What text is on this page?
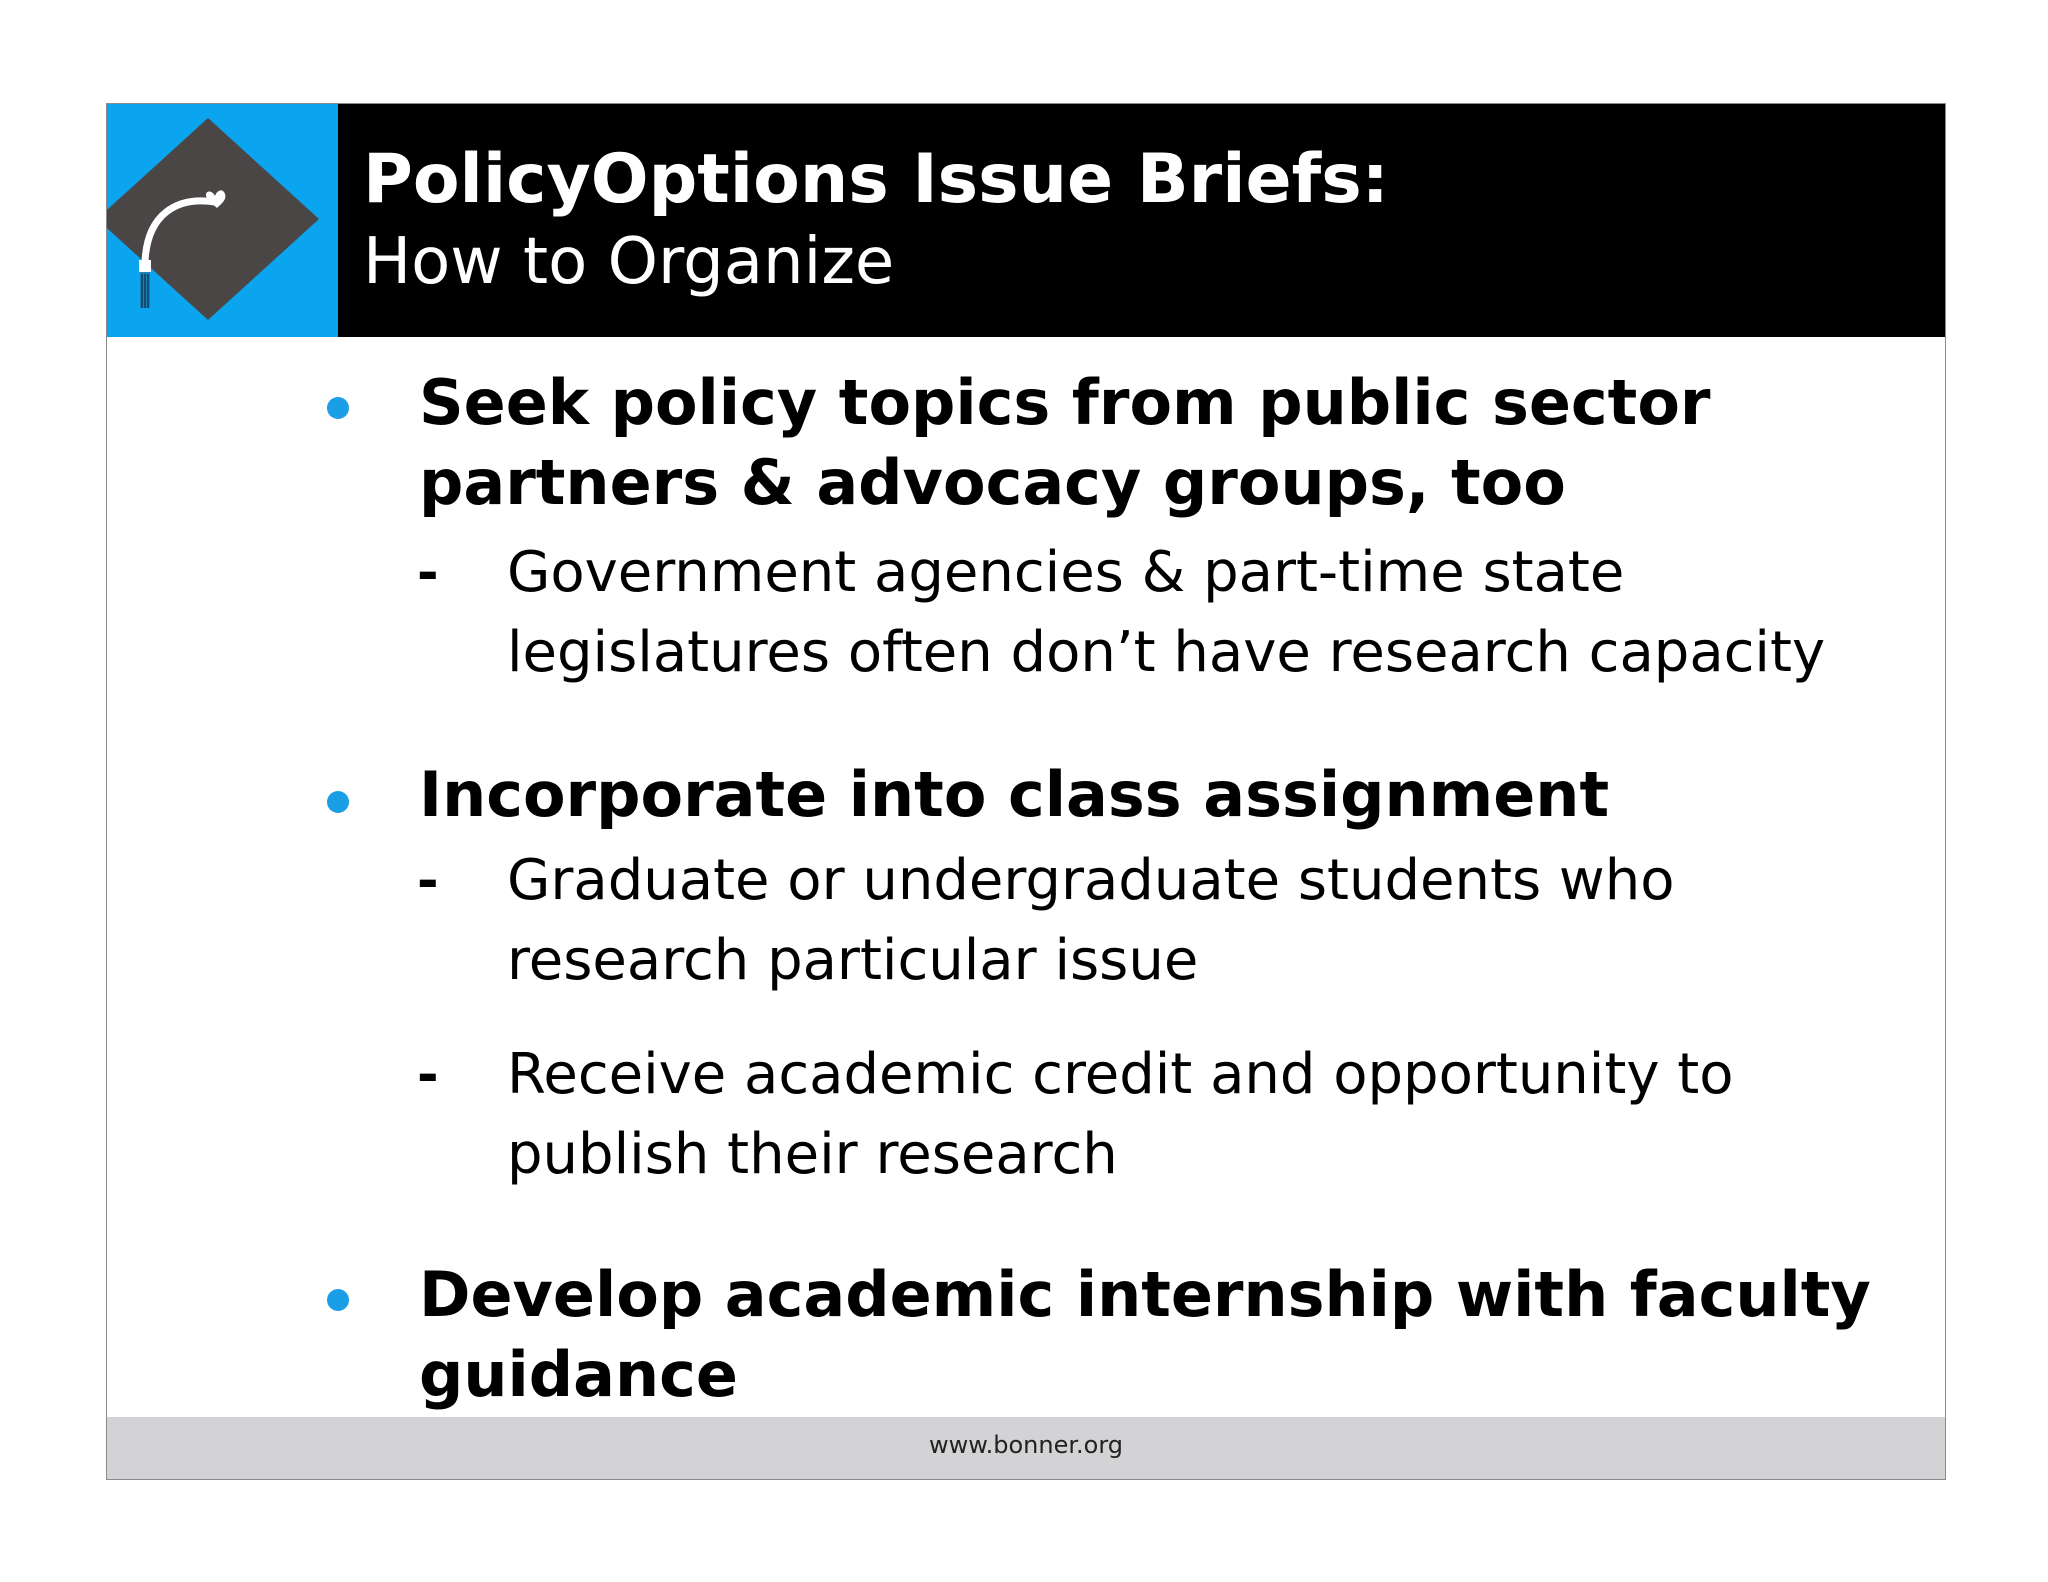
PolicyOptions Issue Briefs:
How to Organize
Seek policy topics from public sector partners & advocacy groups, too
- Government agencies & part-time state legislatures often don’t have research capacity
Incorporate into class assignment
- Graduate or undergraduate students who research particular issue
- Receive academic credit and opportunity to publish their research
Develop academic internship with faculty guidance
www.bonner.org
